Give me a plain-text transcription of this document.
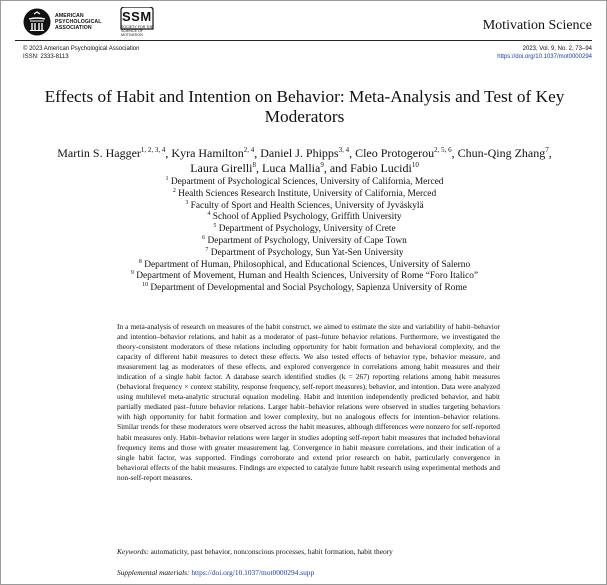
AMERICAN
PSYCHOLOGICAL
ASSOCIATION
SSM
SOCIETY FOR THE SCIENCE OF MOTIVATION
Motivation Science
© 2023 American Psychological Association
ISSN: 2333-8113
2023, Vol. 9, No. 2, 73–94
https://doi.org/10.1037/mot0000294
Effects of Habit and Intention on Behavior: Meta-Analysis and Test of Key Moderators
Martin S. Hagger$^{1, 2, 3, 4}$, Kyra Hamilton$^{2, 4}$, Daniel J. Phipps$^{3, 4}$, Cleo Protogerou$^{2, 5, 6}$, Chun-Qing Zhang$^7$,
Laura Girelli$^8$, Luca Mallia$^9$, and Fabio Lucidi$^{10}$
$^1$ Department of Psychological Sciences, University of California, Merced
$^2$ Health Sciences Research Institute, University of California, Merced
$^3$ Faculty of Sport and Health Sciences, University of Jyväskylä
$^4$ School of Applied Psychology, Griffith University
$^5$ Department of Psychology, University of Crete
$^6$ Department of Psychology, University of Cape Town
$^7$ Department of Psychology, Sun Yat-Sen University
$^8$ Department of Human, Philosophical, and Educational Sciences, University of Salerno
$^9$ Department of Movement, Human and Health Sciences, University of Rome “Foro Italico”
$^{10}$ Department of Developmental and Social Psychology, Sapienza University of Rome
In a meta-analysis of research on measures of the habit construct, we aimed to estimate the size and variability of habit–behavior and intention–behavior relations, and habit as a moderator of past–future behavior relations. Furthermore, we investigated the theory-consistent moderators of these relations including opportunity for habit formation and behavioral complexity, and the capacity of different habit measures to detect these effects. We also tested effects of behavior type, behavior measure, and measurement lag as moderators of these effects, and explored convergence in correlations among habit measures and their indication of a single habit factor. A database search identified studies (k = 267) reporting relations among habit measures (behavioral frequency × context stability, response frequency, self-report measures), behavior, and intention. Data were analyzed using multilevel meta-analytic structural equation modeling. Habit and intention independently predicted behavior, and habit partially mediated past–future behavior relations. Larger habit–behavior relations were observed in studies targeting behaviors with high opportunity for habit formation and lower complexity, but no analogous effects for intention–behavior relations. Similar trends for these moderators were observed across the habit measures, although differences were nonzero for self-reported habit measures only. Habit–behavior relations were larger in studies adopting self-report habit measures that included behavioral frequency items and those with greater measurement lag. Convergence in habit measure correlations, and their indication of a single habit factor, was supported. Findings corroborate and extend prior research on habit, particularly convergence in behavioral effects of the habit measures. Findings are expected to catalyze future habit research using experimental methods and non-self-report measures.
Keywords: automaticity, past behavior, nonconscious processes, habit formation, habit theory
Supplemental materials: https://doi.org/10.1037/mot0000294.supp
